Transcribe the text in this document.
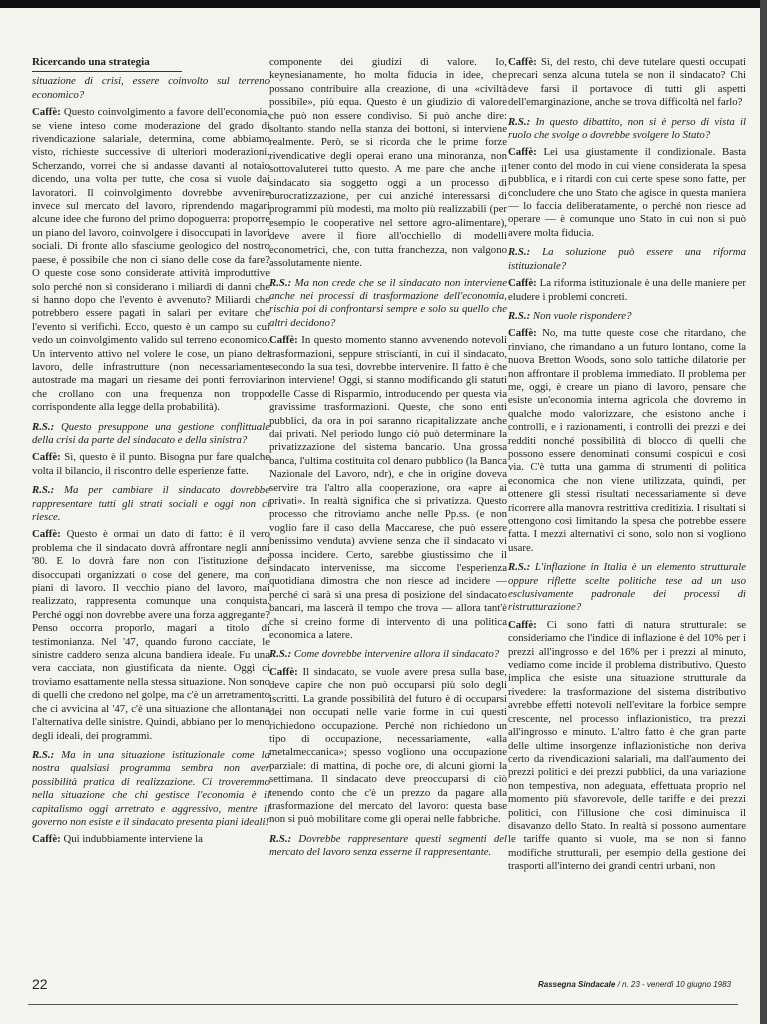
Ricercando una strategia

situazione di crisi, essere coinvolto sul terreno economico?

Caffè: Questo coinvolgimento a favore dell'economia, se viene inteso come moderazione del grado di rivendicazione salariale, determina, come abbiamo visto, richieste successive di ulteriori moderazioni. Scherzando, vorrei che si andasse davanti al notaio dicendo, una volta per tutte, che cosa si vuole dai lavoratori. Il coinvolgimento dovrebbe avvenire invece sul mercato del lavoro, riprendendo magari alcune idee che furono del primo dopoguerra: proporre un piano del lavoro, coinvolgere i disoccupati in lavori sociali. Di fronte allo sfasciume geologico del nostro paese, è possibile che non ci siano delle cose da fare? O queste cose sono considerate attività improduttive solo perché non si considerano i miliardi di danni che si hanno dopo che l'evento è avvenuto? Miliardi che potrebbero essere pagati in salari per evitare che l'evento si verifichi. Ecco, questo è un campo su cui vedo un coinvolgimento valido sul terreno economico. Un intervento attivo nel volere le cose, un piano del lavoro, delle infrastrutture (non necessariamente autostrade ma magari un riesame dei ponti ferroviari che crollano con una frequenza non troppo corrispondente alla legge della probabilità).

R.S.: Questo presuppone una gestione conflittuale della crisi da parte del sindacato e della sinistra?

Caffè: Sì, questo è il punto. Bisogna pur fare qualche volta il bilancio, il riscontro delle esperienze fatte.

R.S.: Ma per cambiare il sindacato dovrebbe rappresentare tutti gli strati sociali e oggi non ci riesce.

Caffè: Questo è ormai un dato di fatto: è il vero problema che il sindacato dovrà affrontare negli anni '80. E lo dovrà fare non con l'istituzione dei disoccupati organizzati o cose del genere, ma con piani di lavoro. Il vecchio piano del lavoro, mai realizzato, rappresenta comunque una conquista. Perché oggi non dovrebbe avere una forza aggregante? Penso occorra proporlo, magari a titolo di testimonianza. Nel '47, quando furono cacciate, le sinistre caddero senza alcuna bandiera ideale. Fu una vera cacciata, non giustificata da niente. Oggi ci troviamo esattamente nella stessa situazione. Non sono di quelli che credono nel golpe, ma c'è un arretramento che ci avvicina al '47, c'è una situazione che allontana l'alternativa delle sinistre. Quindi, abbiano per lo meno degli ideali, dei programmi.

R.S.: Ma in una situazione istituzionale come la nostra qualsiasi programma sembra non aver possibilità pratica di realizzazione. Ci troveremmo nella situazione che chi gestisce l'economia è il capitalismo oggi arretrato e aggressivo, mentre il governo non esiste e il sindacato presenta piani ideali!

Caffè: Qui indubbiamente interviene la

componente dei giudizi di valore. Io, keynesianamente, ho molta fiducia in idee, che possano contribuire alla creazione, di una «civiltà possibile», più equa. Questo è un giudizio di valore che può non essere condiviso. Si può anche dire: soltanto stando nella stanza dei bottoni, si interviene realmente. Però, se si ricorda che le prime forze rivendicative degli operai erano una minoranza, non sottovaluterei tutto questo. A me pare che anche il sindacato sia soggetto oggi a un processo di burocratizzazione, per cui anziché interessarsi di programmi più modesti, ma molto più realizzabili (per esempio le cooperative nel settore agro-alimentare), deve avere il fiore all'occhiello di modelli econometrici, che, con tutta franchezza, non valgono assolutamente niente.

R.S.: Ma non crede che se il sindacato non interviene anche nei processi di trasformazione dell'economia, rischia poi di confrontarsi sempre e solo su quello che altri decidono?

Caffè: In questo momento stanno avvenendo notevoli trasformazioni, seppure striscianti, in cui il sindacato, secondo la sua tesi, dovrebbe intervenire. Il fatto è che non interviene! Oggi, si stanno modificando gli statuti delle Casse di Risparmio, introducendo per questa via gravissime trasformazioni. Queste, che sono enti pubblici, da ora in poi saranno ricapitalizzate anche dai privati. Nel periodo lungo ciò può determinare la privatizzazione del sistema bancario. Una grossa banca, l'ultima costituita col denaro pubblico (la Banca Nazionale del Lavoro, ndr), e che in origine doveva servire tra l'altro alla cooperazione, ora «apre ai privati». In realtà significa che si privatizza. Questo processo che ritroviamo anche nelle Pp.ss. (e non voglio fare il caso della Maccarese, che può essere benissimo venduta) avviene senza che il sindacato vi possa incidere. Certo, sarebbe giustissimo che il sindacato intervenisse, ma siccome l'esperienza quotidiana dimostra che non riesce ad incidere — perché ci sarà si una presa di posizione del sindacato bancari, ma lascerà il tempo che trova — allora tant'è che si creino forme di intervento di una politica economica a latere.

R.S.: Come dovrebbe intervenire allora il sindacato?

Caffè: Il sindacato, se vuole avere presa sulla base, deve capire che non può occuparsi più solo degli iscritti. La grande possibilità del futuro è di occuparsi dei non occupati nelle varie forme in cui questi richiedono occupazione. Perché non richiedono un tipo di occupazione, necessariamente, «alla metalmeccanica»; spesso vogliono una occupazione parziale: di mattina, di poche ore, di alcuni giorni la settimana. Il sindacato deve preoccuparsi di ciò tenendo conto che c'è un prezzo da pagare alla trasformazione del mercato del lavoro: questa base non si può mobilitare come gli operai nelle fabbriche.

R.S.: Dovrebbe rappresentare questi segmenti del mercato del lavoro senza esserne il rappresentante.

Caffè: Sì, del resto, chi deve tutelare questi occupati precari senza alcuna tutela se non il sindacato? Chi deve farsi il portavoce di tutti gli aspetti dell'emarginazione, anche se trova difficoltà nel farlo?

R.S.: In questo dibattito, non si è perso di vista il ruolo che svolge o dovrebbe svolgere lo Stato?

Caffè: Lei usa giustamente il condizionale. Basta tener conto del modo in cui viene considerata la spesa pubblica, e i ritardi con cui certe spese sono fatte, per concludere che uno Stato che agisce in questa maniera — lo faccia deliberatamente, o perché non riesce ad operare — è comunque uno Stato in cui non si può avere molta fiducia.

R.S.: La soluzione può essere una riforma istituzionale?

Caffè: La riforma istituzionale è una delle maniere per eludere i problemi concreti.

R.S.: Non vuole rispondere?

Caffè: No, ma tutte queste cose che ritardano, che rinviano, che rimandano a un futuro lontano, come la nuova Bretton Woods, sono solo tattiche dilatorie per non affrontare il problema immediato. Il problema per me, oggi, è creare un piano di lavoro, pensare che esiste un'economia interna agricola che dovremo in qualche modo valorizzare, che esistono anche i controlli, e i razionamenti, i controlli dei prezzi e dei redditi nonché possibilità di blocco di quelli che possono essere denominati consumi cospicui e così via. C'è tutta una gamma di strumenti di politica economica che non viene utilizzata, quindi, per ottenere gli stessi risultati necessariamente si deve ricorrere alla manovra restrittiva creditizia. I risultati si ottengono così limitando la spesa che potrebbe essere fatta. I mezzi alternativi ci sono, solo non si vogliono usare.

R.S.: L'inflazione in Italia è un elemento strutturale oppure riflette scelte politiche tese ad un uso esclusivamente padronale dei processi di ristrutturazione?

Caffè: Ci sono fatti di natura strutturale: se consideriamo che l'indice di inflazione è del 10% per i prezzi all'ingrosso e del 16% per i prezzi al minuto, vediamo come incide il problema distributivo. Questo implica che esiste una situazione strutturale da rivedere: la trasformazione del sistema distributivo avrebbe effetti notevoli nell'evitare la forbice sempre crescente, nel processo inflazionistico, tra prezzi all'ingrosso e minuto. L'altro fatto è che gran parte delle ultime insorgenze inflazionistiche non deriva certo da rivendicazioni salariali, ma dall'aumento dei prezzi politici e dei prezzi pubblici, da una variazione non tempestiva, non adeguata, effettuata proprio nel momento più sfavorevole, delle tariffe e dei prezzi politici, con l'illusione che così diminuisca il disavanzo dello Stato. In realtà si possono aumentare le tariffe quanto si vuole, ma se non si fanno modifiche strutturali, per esempio della gestione dei trasporti all'interno dei grandi centri urbani, non

22	Rassegna Sindacale / n. 23 - venerdì 10 giugno 1983
